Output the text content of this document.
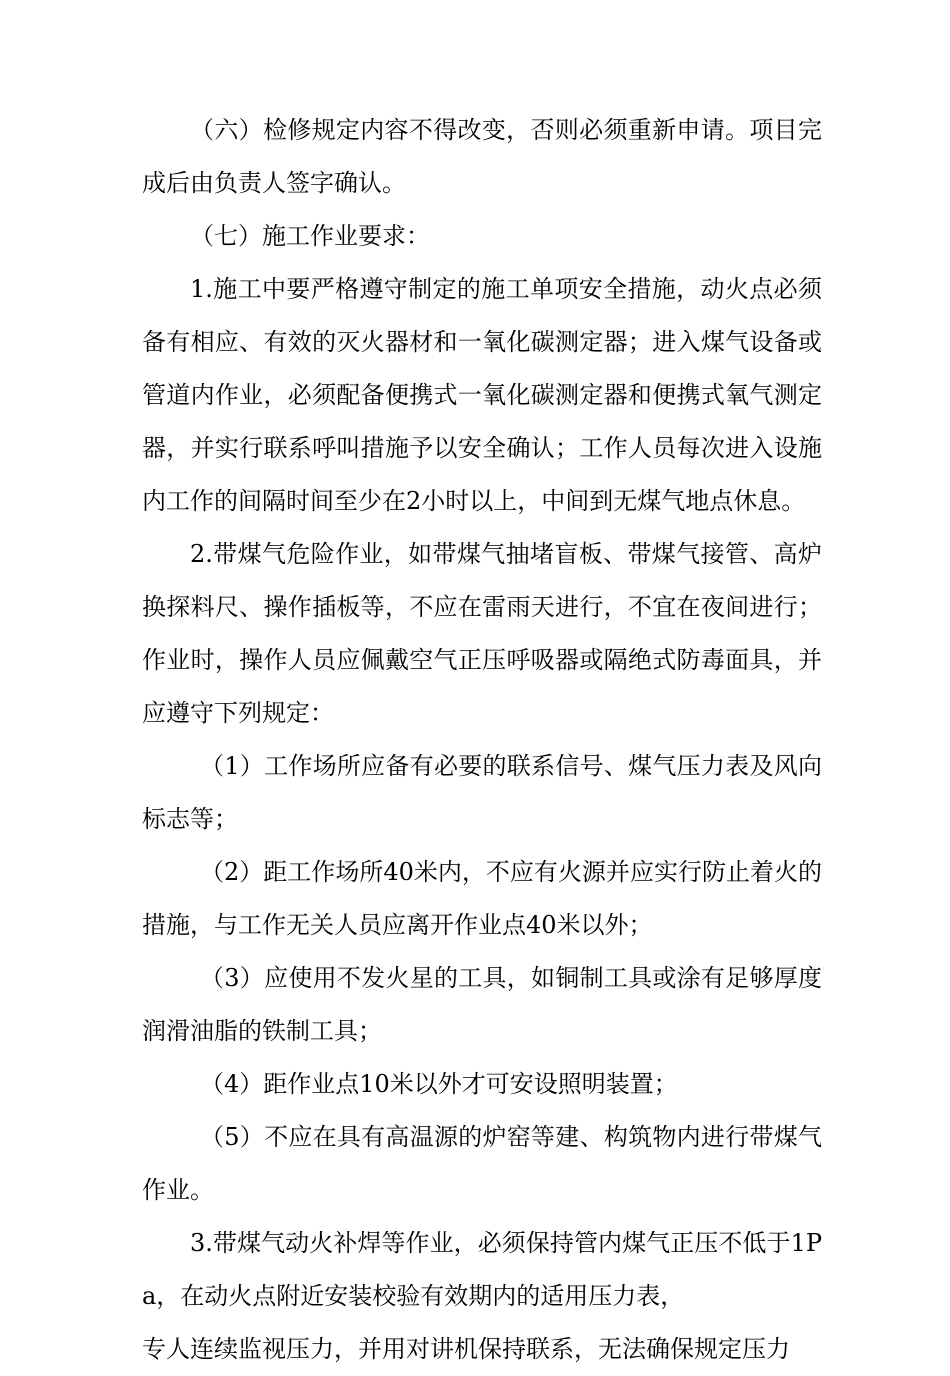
（六）检修规定内容不得改变，否则必须重新申请。项目完成后由负责人签字确认。

（七）施工作业要求：

1.施工中要严格遵守制定的施工单项安全措施，动火点必须备有相应、有效的灭火器材和一氧化碳测定器；进入煤气设备或管道内作业，必须配备便携式一氧化碳测定器和便携式氧气测定器，并实行联系呼叫措施予以安全确认；工作人员每次进入设施内工作的间隔时间至少在2小时以上，中间到无煤气地点休息。

2.带煤气危险作业，如带煤气抽堵盲板、带煤气接管、高炉换探料尺、操作插板等，不应在雷雨天进行，不宜在夜间进行；作业时，操作人员应佩戴空气正压呼吸器或隔绝式防毒面具，并应遵守下列规定：

（1）工作场所应备有必要的联系信号、煤气压力表及风向标志等；

（2）距工作场所40米内，不应有火源并应实行防止着火的措施，与工作无关人员应离开作业点40米以外；

（3）应使用不发火星的工具，如铜制工具或涂有足够厚度润滑油脂的铁制工具；

（4）距作业点10米以外才可安设照明装置；

（5）不应在具有高温源的炉窑等建、构筑物内进行带煤气作业。

3.带煤气动火补焊等作业，必须保持管内煤气正压不低于1Pa，在动火点附近安装校验有效期内的适用压力表，

专人连续监视压力，并用对讲机保持联系，无法确保规定压力
